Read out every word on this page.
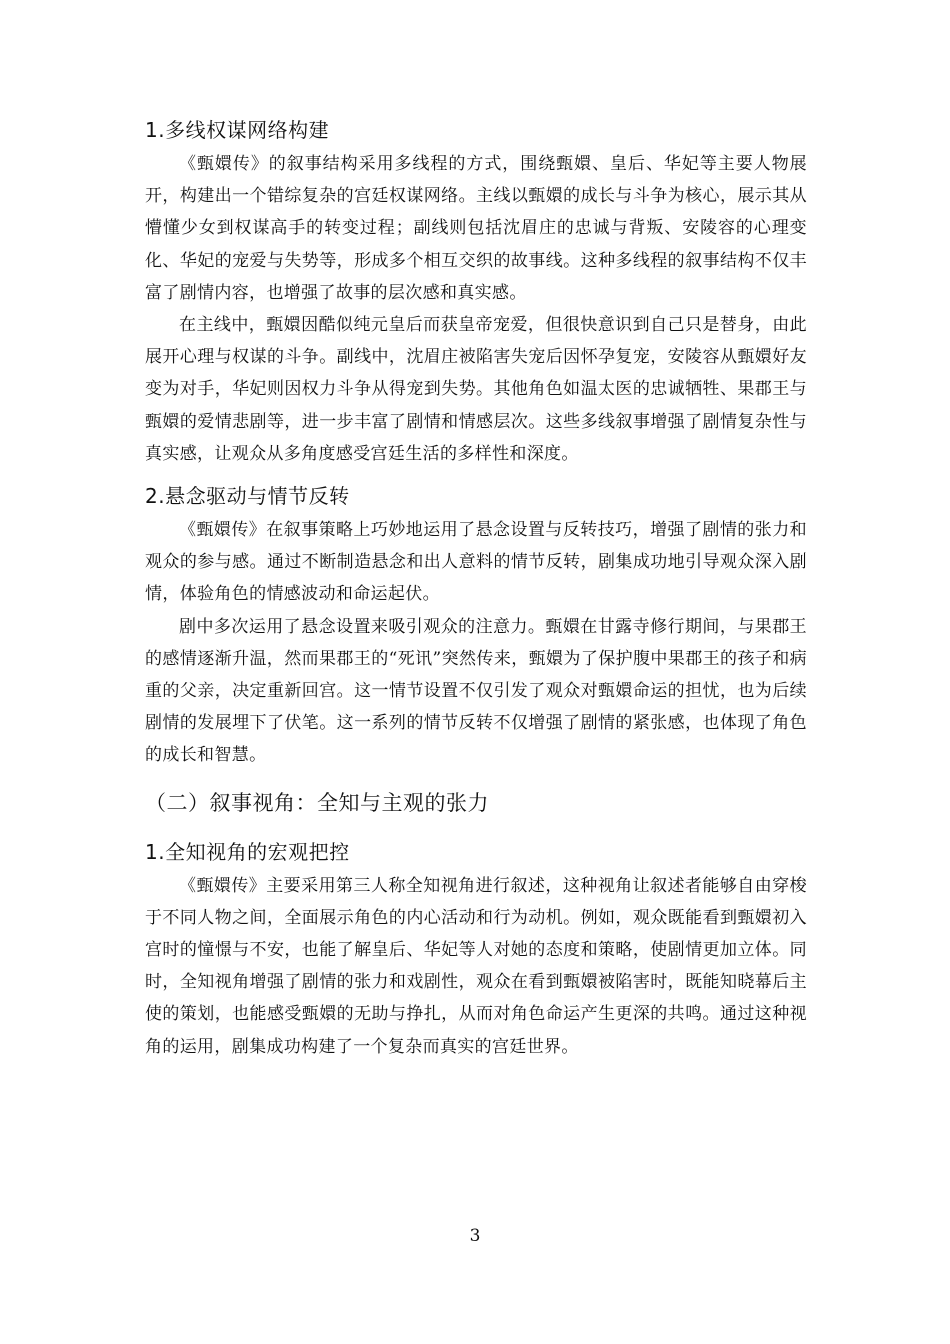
1.多线权谋网络构建

《甄嬛传》的叙事结构采用多线程的方式，围绕甄嬛、皇后、华妃等主要人物展开，构建出一个错综复杂的宫廷权谋网络。主线以甄嬛的成长与斗争为核心，展示其从懵懂少女到权谋高手的转变过程；副线则包括沈眉庄的忠诚与背叛、安陵容的心理变化、华妃的宠爱与失势等，形成多个相互交织的故事线。这种多线程的叙事结构不仅丰富了剧情内容，也增强了故事的层次感和真实感。

在主线中，甄嬛因酷似纯元皇后而获皇帝宠爱，但很快意识到自己只是替身，由此展开心理与权谋的斗争。副线中，沈眉庄被陷害失宠后因怀孕复宠，安陵容从甄嬛好友变为对手，华妃则因权力斗争从得宠到失势。其他角色如温太医的忠诚牺牲、果郡王与甄嬛的爱情悲剧等，进一步丰富了剧情和情感层次。这些多线叙事增强了剧情复杂性与真实感，让观众从多角度感受宫廷生活的多样性和深度。

2.悬念驱动与情节反转

《甄嬛传》在叙事策略上巧妙地运用了悬念设置与反转技巧，增强了剧情的张力和观众的参与感。通过不断制造悬念和出人意料的情节反转，剧集成功地引导观众深入剧情，体验角色的情感波动和命运起伏。

剧中多次运用了悬念设置来吸引观众的注意力。甄嬛在甘露寺修行期间，与果郡王的感情逐渐升温，然而果郡王的“死讯”突然传来，甄嬛为了保护腹中果郡王的孩子和病重的父亲，决定重新回宫。这一情节设置不仅引发了观众对甄嬛命运的担忧，也为后续剧情的发展埋下了伏笔。这一系列的情节反转不仅增强了剧情的紧张感，也体现了角色的成长和智慧。

（二）叙事视角：全知与主观的张力
1.全知视角的宏观把控

《甄嬛传》主要采用第三人称全知视角进行叙述，这种视角让叙述者能够自由穿梭于不同人物之间，全面展示角色的内心活动和行为动机。例如，观众既能看到甄嬛初入宫时的憧憬与不安，也能了解皇后、华妃等人对她的态度和策略，使剧情更加立体。同时，全知视角增强了剧情的张力和戏剧性，观众在看到甄嬛被陷害时，既能知晓幕后主使的策划，也能感受甄嬛的无助与挣扎，从而对角色命运产生更深的共鸣。通过这种视角的运用，剧集成功构建了一个复杂而真实的宫廷世界。

3
